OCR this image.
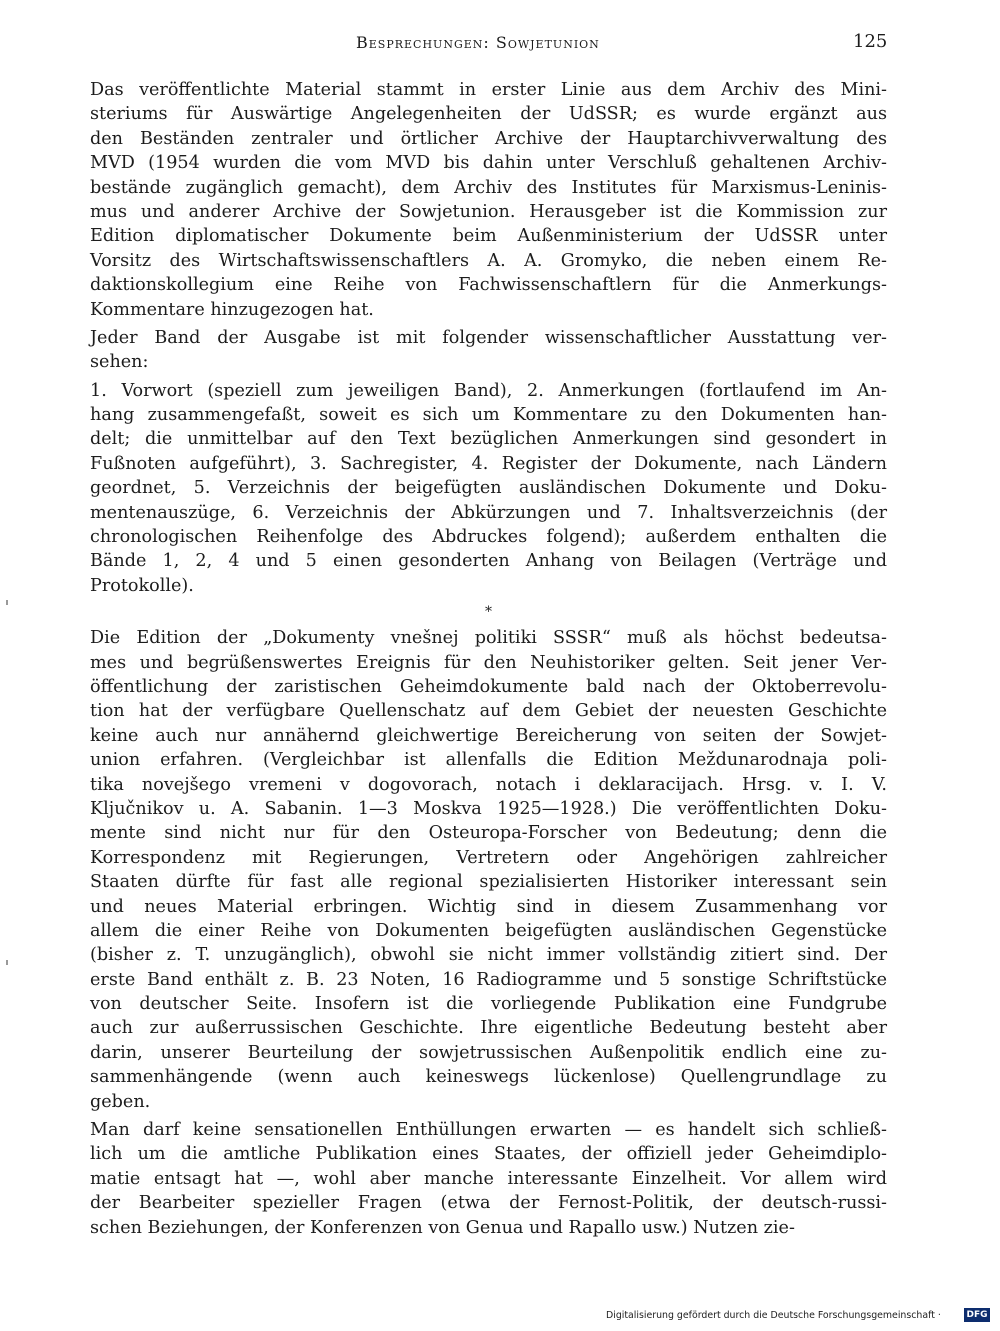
Besprechungen: Sowjetunion	125

Das veröffentlichte Material stammt in erster Linie aus dem Archiv des Mini-
steriums für Auswärtige Angelegenheiten der UdSSR; es wurde ergänzt aus
den Beständen zentraler und örtlicher Archive der Hauptarchivverwaltung des
MVD (1954 wurden die vom MVD bis dahin unter Verschluß gehaltenen Archiv-
bestände zugänglich gemacht), dem Archiv des Institutes für Marxismus-Leninis-
mus und anderer Archive der Sowjetunion. Herausgeber ist die Kommission zur
Edition diplomatischer Dokumente beim Außenministerium der UdSSR unter
Vorsitz des Wirtschaftswissenschaftlers A. A. Gromyko, die neben einem Re-
daktionskollegium eine Reihe von Fachwissenschaftlern für die Anmerkungs-
Kommentare hinzugezogen hat.

Jeder Band der Ausgabe ist mit folgender wissenschaftlicher Ausstattung ver-
sehen:

1. Vorwort (speziell zum jeweiligen Band), 2. Anmerkungen (fortlaufend im An-
hang zusammengefaßt, soweit es sich um Kommentare zu den Dokumenten han-
delt; die unmittelbar auf den Text bezüglichen Anmerkungen sind gesondert in
Fußnoten aufgeführt), 3. Sachregister, 4. Register der Dokumente, nach Ländern
geordnet, 5. Verzeichnis der beigefügten ausländischen Dokumente und Doku-
mentenauszüge, 6. Verzeichnis der Abkürzungen und 7. Inhaltsverzeichnis (der
chronologischen Reihenfolge des Abdruckes folgend); außerdem enthalten die
Bände 1, 2, 4 und 5 einen gesonderten Anhang von Beilagen (Verträge und
Protokolle).

*

Die Edition der „Dokumenty vnešnej politiki SSSR“ muß als höchst bedeutsa-
mes und begrüßenswertes Ereignis für den Neuhistoriker gelten. Seit jener Ver-
öffentlichung der zaristischen Geheimdokumente bald nach der Oktoberrevolu-
tion hat der verfügbare Quellenschatz auf dem Gebiet der neuesten Geschichte
keine auch nur annähernd gleichwertige Bereicherung von seiten der Sowjet-
union erfahren. (Vergleichbar ist allenfalls die Edition Meždunarodnaja poli-
tika novejšego vremeni v dogovorach, notach i deklaracijach. Hrsg. v. I. V.
Ključnikov u. A. Sabanin. 1—3 Moskva 1925—1928.) Die veröffentlichten Doku-
mente sind nicht nur für den Osteuropa-Forscher von Bedeutung; denn die
Korrespondenz mit Regierungen, Vertretern oder Angehörigen zahlreicher
Staaten dürfte für fast alle regional spezialisierten Historiker interessant sein
und neues Material erbringen. Wichtig sind in diesem Zusammenhang vor
allem die einer Reihe von Dokumenten beigefügten ausländischen Gegenstücke
(bisher z. T. unzugänglich), obwohl sie nicht immer vollständig zitiert sind. Der
erste Band enthält z. B. 23 Noten, 16 Radiogramme und 5 sonstige Schriftstücke
von deutscher Seite. Insofern ist die vorliegende Publikation eine Fundgrube
auch zur außerrussischen Geschichte. Ihre eigentliche Bedeutung besteht aber
darin, unserer Beurteilung der sowjetrussischen Außenpolitik endlich eine zu-
sammenhängende (wenn auch keineswegs lückenlose) Quellengrundlage zu
geben.

Man darf keine sensationellen Enthüllungen erwarten — es handelt sich schließ-
lich um die amtliche Publikation eines Staates, der offiziell jeder Geheimdiplo-
matie entsagt hat —, wohl aber manche interessante Einzelheit. Vor allem wird
der Bearbeiter spezieller Fragen (etwa der Fernost-Politik, der deutsch-russi-
schen Beziehungen, der Konferenzen von Genua und Rapallo usw.) Nutzen zie-

Digitalisierung gefördert durch die Deutsche Forschungsgemeinschaft ·	DFG
